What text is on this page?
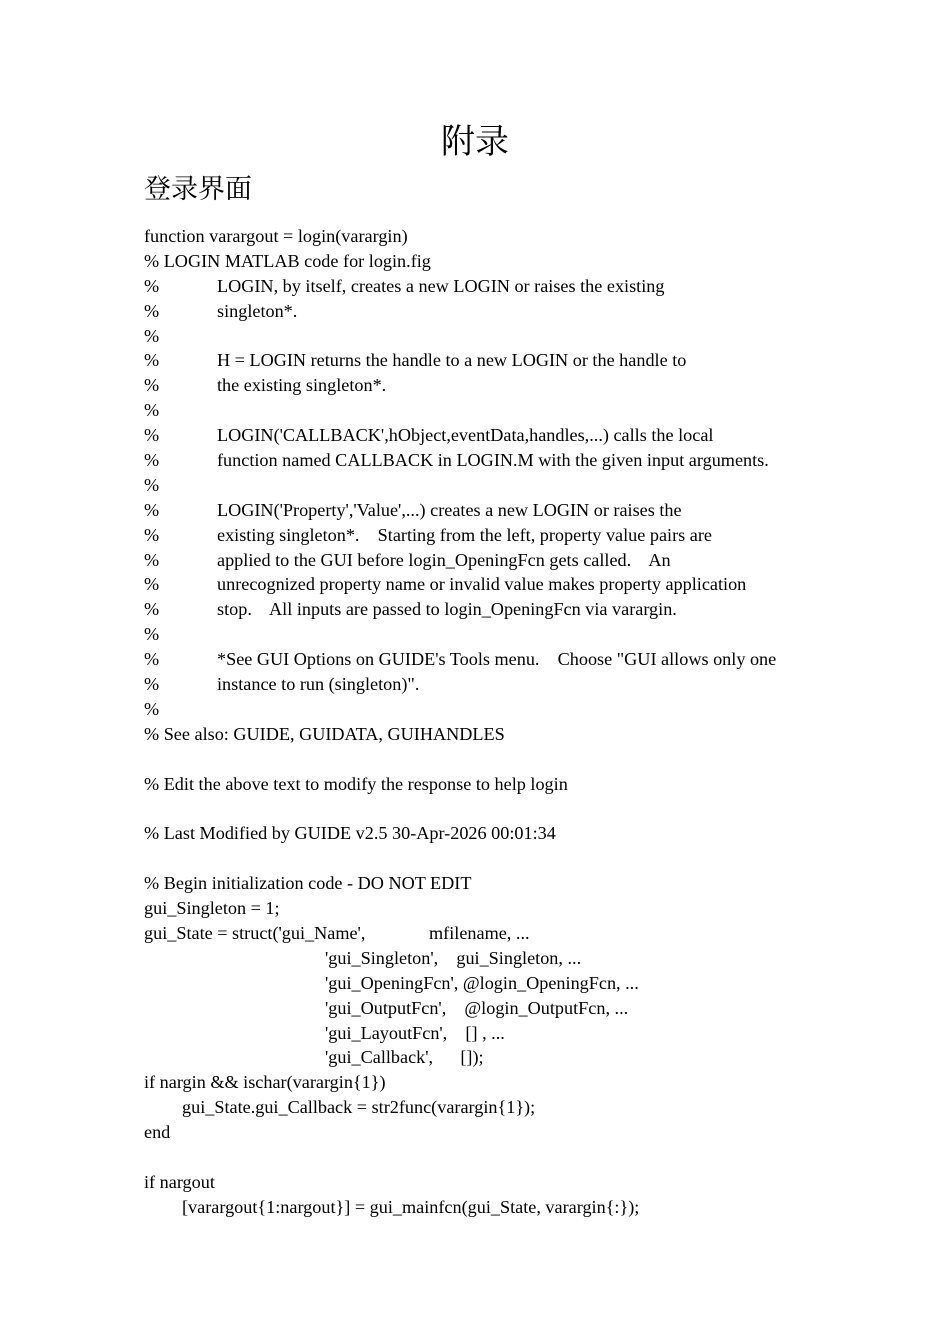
附录
登录界面
function varargout = login(varargin)
% LOGIN MATLAB code for login.fig
%	LOGIN, by itself, creates a new LOGIN or raises the existing
%	singleton*.
%
%	H = LOGIN returns the handle to a new LOGIN or the handle to
%	the existing singleton*.
%
%	LOGIN('CALLBACK',hObject,eventData,handles,...) calls the local
%	function named CALLBACK in LOGIN.M with the given input arguments.
%
%	LOGIN('Property','Value',...) creates a new LOGIN or raises the
%	existing singleton*.    Starting from the left, property value pairs are
%	applied to the GUI before login_OpeningFcn gets called.    An
%	unrecognized property name or invalid value makes property application
%	stop.    All inputs are passed to login_OpeningFcn via varargin.
%
%	*See GUI Options on GUIDE's Tools menu.    Choose "GUI allows only one
%	instance to run (singleton)".
%
% See also: GUIDE, GUIDATA, GUIHANDLES
% Edit the above text to modify the response to help login
% Last Modified by GUIDE v2.5 30-Apr-2026 00:01:34
% Begin initialization code - DO NOT EDIT
gui_Singleton = 1;
gui_State = struct('gui_Name',              mfilename, ...
'gui_Singleton',    gui_Singleton, ...
'gui_OpeningFcn', @login_OpeningFcn, ...
'gui_OutputFcn',    @login_OutputFcn, ...
'gui_LayoutFcn',    [] , ...
'gui_Callback',      []);
if nargin && ischar(varargin{1})
gui_State.gui_Callback = str2func(varargin{1});
end
if nargout
[varargout{1:nargout}] = gui_mainfcn(gui_State, varargin{:});
